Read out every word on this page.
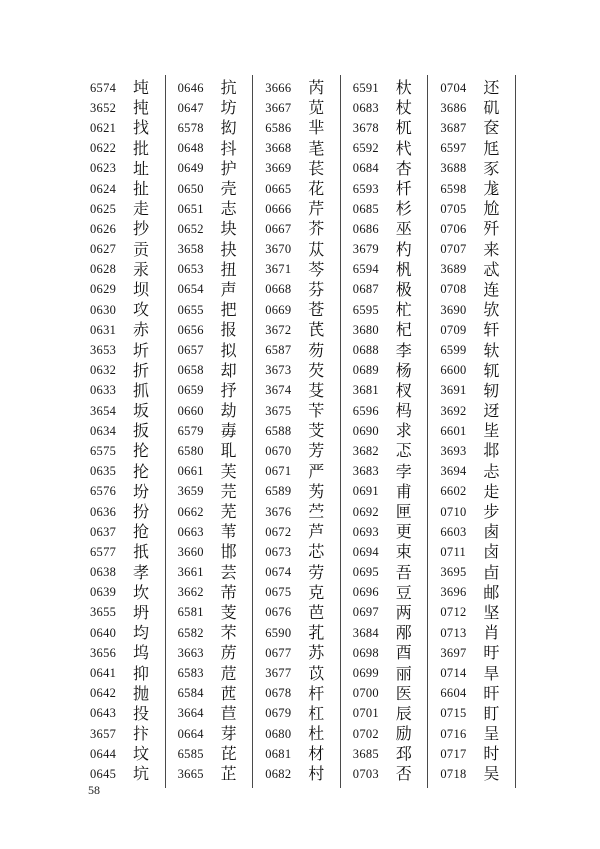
6574	坉
3652	扽
0621	找
0622	批
0623	址
0624	扯
0625	走
0626	抄
0627	贡
0628	汞
0629	坝
0630	攻
0631	赤
3653	圻
0632	折
0633	抓
3654	坂
0634	扳
6575	抡
0635	抡
6576	坋
0636	扮
0637	抢
6577	扺
0638	孝
0639	坎
3655	坍
0640	均
3656	坞
0641	抑
0642	抛
0643	投
3657	抃
0644	坟
0645	坑
0646	抗
0647	坊
6578	抝
0648	抖
0649	护
0650	壳
0651	志
0652	块
3658	抉
0653	扭
0654	声
0655	把
0656	报
0657	拟
0658	却
0659	抒
0660	劫
6579	毐
6580	耴
0661	芙
3659	芫
0662	芜
0663	苇
3660	邯
3661	芸
3662	芾
6581	芰
6582	芣
3663	苈
6583	苊
6584	苉
3664	苣
0664	芽
6585	芘
3665	芷
3666	芮
3667	苋
6586	芈
3668	芼
3669	苌
0665	花
0666	芹
0667	芥
3670	苁
3671	芩
0668	芬
0669	苍
3672	芪
6587	芴
3673	芡
3674	芟
3675	苄
6588	芠
0670	芳
0671	严
6589	𫇭
3676	苎
0672	芦
0673	芯
0674	劳
0675	克
0676	芭
6590	芤
0677	苏
3677	苡
0678	杆
0679	杠
0680	杜
0681	材
0682	村
6591	杕
0683	杖
3678	杌
6592	杙
0684	杏
6593	杄
0685	杉
0686	巫
3679	杓
6594	杋
0687	极
6595	杧
3680	杞
0688	李
0689	杨
3681	杈
6596	杩
0690	求
3682	忑
3683	孛
0691	甫
0692	匣
0693	更
0694	束
0695	吾
0696	豆
0697	两
3684	邴
0698	酉
0699	丽
0700	医
0701	辰
0702	励
3685	邳
0703	否
0704	还
3686	矶
3687	奁
6597	尪
3688	豕
6598	尨
0705	尬
0706	歼
0707	来
3689	忒
0708	连
3690	欤
0709	轩
6599	轪
6600	𫐄
3691	轫
3692	迓
6601	坒
3693	邶
3694	忐
6602	歨
0710	步
6603	卥
0711	卤
3695	卣
3696	邮
0712	坚
0713	肖
3697	旴
0714	旱
6604	旰
0715	盯
0716	呈
0717	时
0718	吴
58
